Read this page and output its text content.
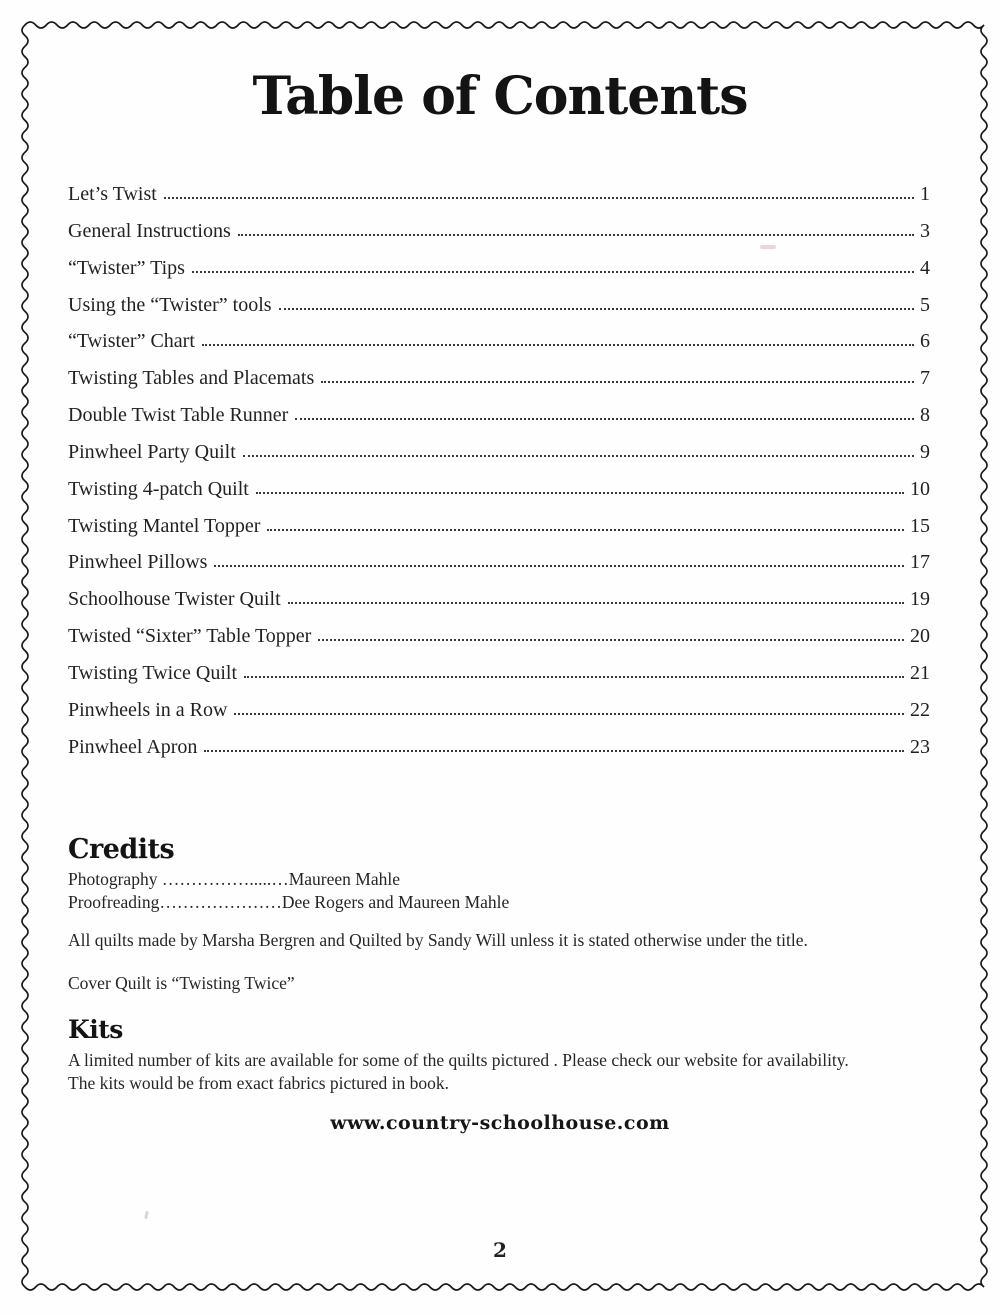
Table of Contents
Let’s Twist	1
General Instructions	3
“Twister” Tips	4
Using the “Twister” tools	5
“Twister” Chart	6
Twisting Tables and Placemats	7
Double Twist Table Runner	8
Pinwheel Party Quilt	9
Twisting 4-patch Quilt	10
Twisting Mantel Topper	15
Pinwheel Pillows	17
Schoolhouse Twister Quilt	19
Twisted “Sixter” Table Topper	20
Twisting Twice Quilt	21
Pinwheels in a Row	22
Pinwheel Apron	23
Credits
Photography …………….....…Maureen Mahle
Proofreading…………………Dee Rogers and Maureen Mahle
All quilts made by Marsha Bergren and Quilted by Sandy Will unless it is stated otherwise under the title.
Cover Quilt is “Twisting Twice”
Kits
A limited number of kits are available for some of the quilts pictured . Please check our website for availability.
The kits would be from exact fabrics pictured in book.
www.country-schoolhouse.com
2
